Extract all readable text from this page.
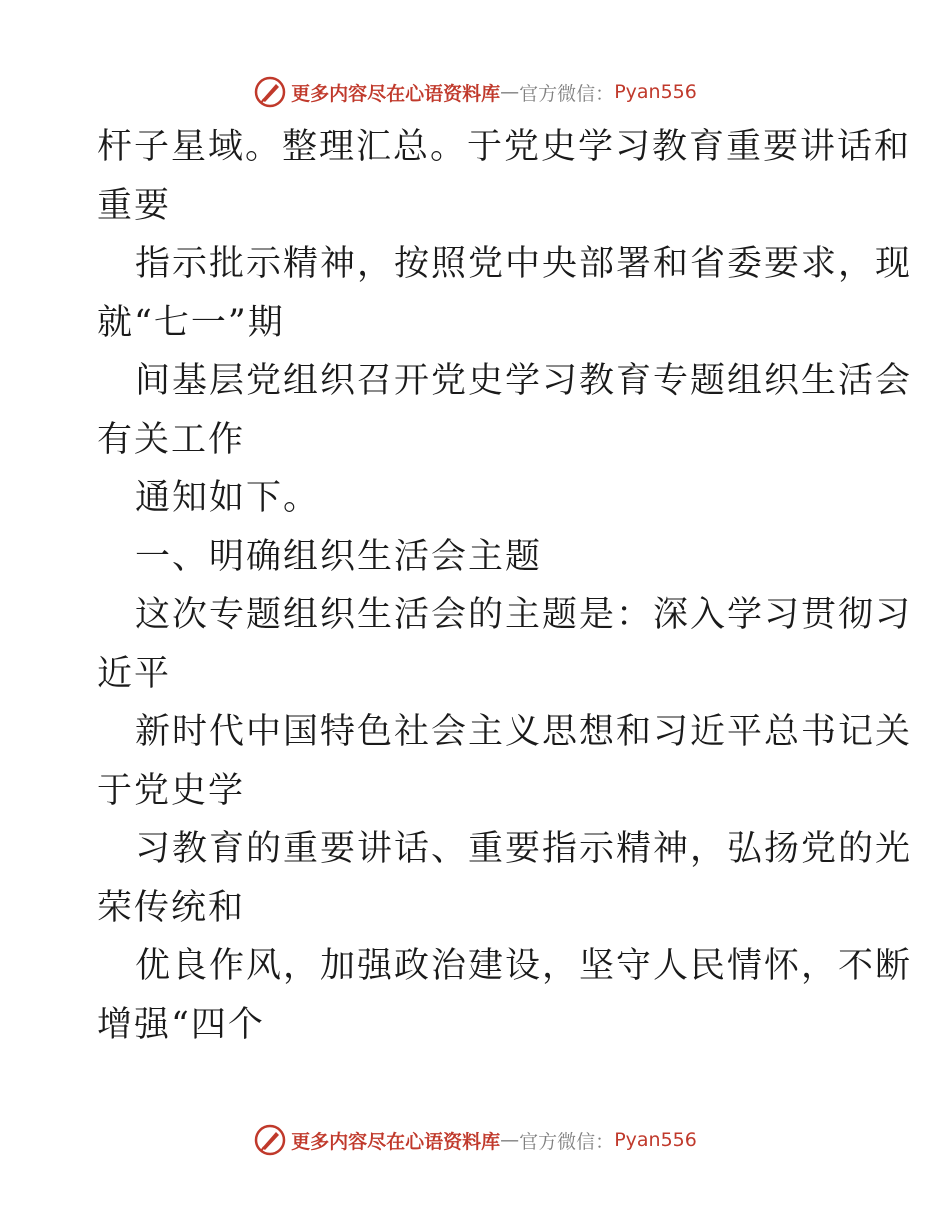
更多内容尽在心语资料库 — 官方微信： Pyan556
杆子星域。整理汇总。于党史学习教育重要讲话和
重要
指示批示精神，按照党中央部署和省委要求，现
就“七一”期
间基层党组织召开党史学习教育专题组织生活会
有关工作
通知如下。
一、明确组织生活会主题
这次专题组织生活会的主题是：深入学习贯彻习
近平
新时代中国特色社会主义思想和习近平总书记关
于党史学
习教育的重要讲话、重要指示精神，弘扬党的光
荣传统和
优良作风，加强政治建设，坚守人民情怀，不断
增强“四个
更多内容尽在心语资料库 — 官方微信： Pyan556
